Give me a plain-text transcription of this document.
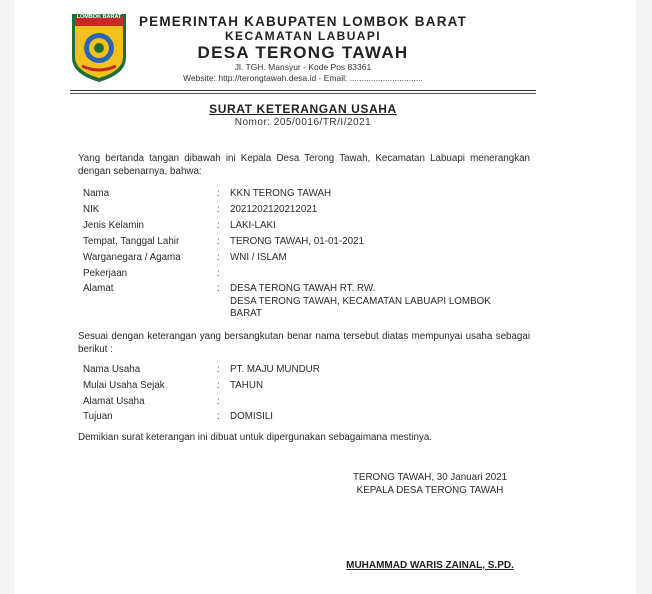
LOMBOK BARAT PEMERINTAH KABUPATEN LOMBOK BARAT
KECAMATAN LABUAPI
DESA TERONG TAWAH
Jl. TGH. Mansyur - Kode Pos 83361
Website: http://terongtawah.desa.id - Email: ...............................
SURAT KETERANGAN USAHA
Nomor: 205/0016/TR/I/2021
Yang bertanda tangan dibawah ini Kepala Desa Terong Tawah, Kecamatan Labuapi menerangkan dengan sebenarnya, bahwa:
Nama	: KKN TERONG TAWAH
NIK	: 2021202120212021
Jenis Kelamin	: LAKI-LAKI
Tempat, Tanggal Lahir	: TERONG TAWAH, 01-01-2021
Warganegara / Agama	: WNI / ISLAM
Pekerjaan	:
Alamat	: DESA TERONG TAWAH RT. RW.
DESA TERONG TAWAH, KECAMATAN LABUAPI LOMBOK BARAT
Sesuai dengan keterangan yang bersangkutan benar nama tersebut diatas mempunyai usaha sebagai berikut :
Nama Usaha	: PT. MAJU MUNDUR
Mulai Usaha Sejak	: TAHUN
Alamat Usaha	:
Tujuan	: DOMISILI
Demikian surat keterangan ini dibuat untuk dipergunakan sebagaimana mestinya.
TERONG TAWAH, 30 Januari 2021
KEPALA DESA TERONG TAWAH
MUHAMMAD WARIS ZAINAL, S.PD.
